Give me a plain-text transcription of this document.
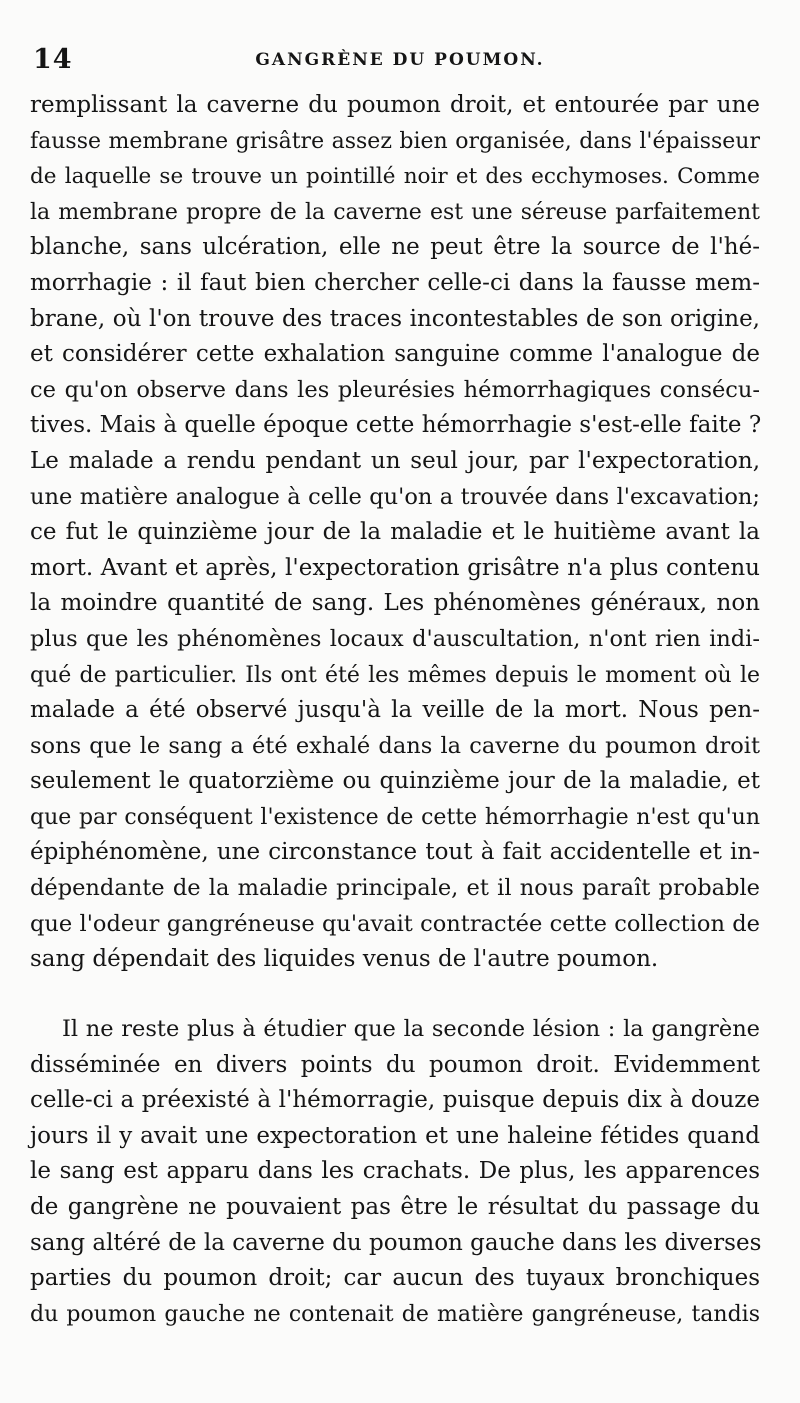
14	GANGRÈNE DU POUMON.
remplissant la caverne du poumon droit, et entourée par une
fausse membrane grisâtre assez bien organisée, dans l'épaisseur
de laquelle se trouve un pointillé noir et des ecchymoses. Comme
la membrane propre de la caverne est une séreuse parfaitement
blanche, sans ulcération, elle ne peut être la source de l'hé-
morrhagie : il faut bien chercher celle-ci dans la fausse mem-
brane, où l'on trouve des traces incontestables de son origine,
et considérer cette exhalation sanguine comme l'analogue de
ce qu'on observe dans les pleurésies hémorrhagiques consécu-
tives. Mais à quelle époque cette hémorrhagie s'est-elle faite ?
Le malade a rendu pendant un seul jour, par l'expectoration,
une matière analogue à celle qu'on a trouvée dans l'excavation;
ce fut le quinzième jour de la maladie et le huitième avant la
mort. Avant et après, l'expectoration grisâtre n'a plus contenu
la moindre quantité de sang. Les phénomènes généraux, non
plus que les phénomènes locaux d'auscultation, n'ont rien indi-
qué de particulier. Ils ont été les mêmes depuis le moment où le
malade a été observé jusqu'à la veille de la mort. Nous pen-
sons que le sang a été exhalé dans la caverne du poumon droit
seulement le quatorzième ou quinzième jour de la maladie, et
que par conséquent l'existence de cette hémorrhagie n'est qu'un
épiphénomène, une circonstance tout à fait accidentelle et in-
dépendante de la maladie principale, et il nous paraît probable
que l'odeur gangréneuse qu'avait contractée cette collection de
sang dépendait des liquides venus de l'autre poumon.
Il ne reste plus à étudier que la seconde lésion : la gangrène
disséminée en divers points du poumon droit. Evidemment
celle-ci a préexisté à l'hémorragie, puisque depuis dix à douze
jours il y avait une expectoration et une haleine fétides quand
le sang est apparu dans les crachats. De plus, les apparences
de gangrène ne pouvaient pas être le résultat du passage du
sang altéré de la caverne du poumon gauche dans les diverses
parties du poumon droit; car aucun des tuyaux bronchiques
du poumon gauche ne contenait de matière gangréneuse, tandis
